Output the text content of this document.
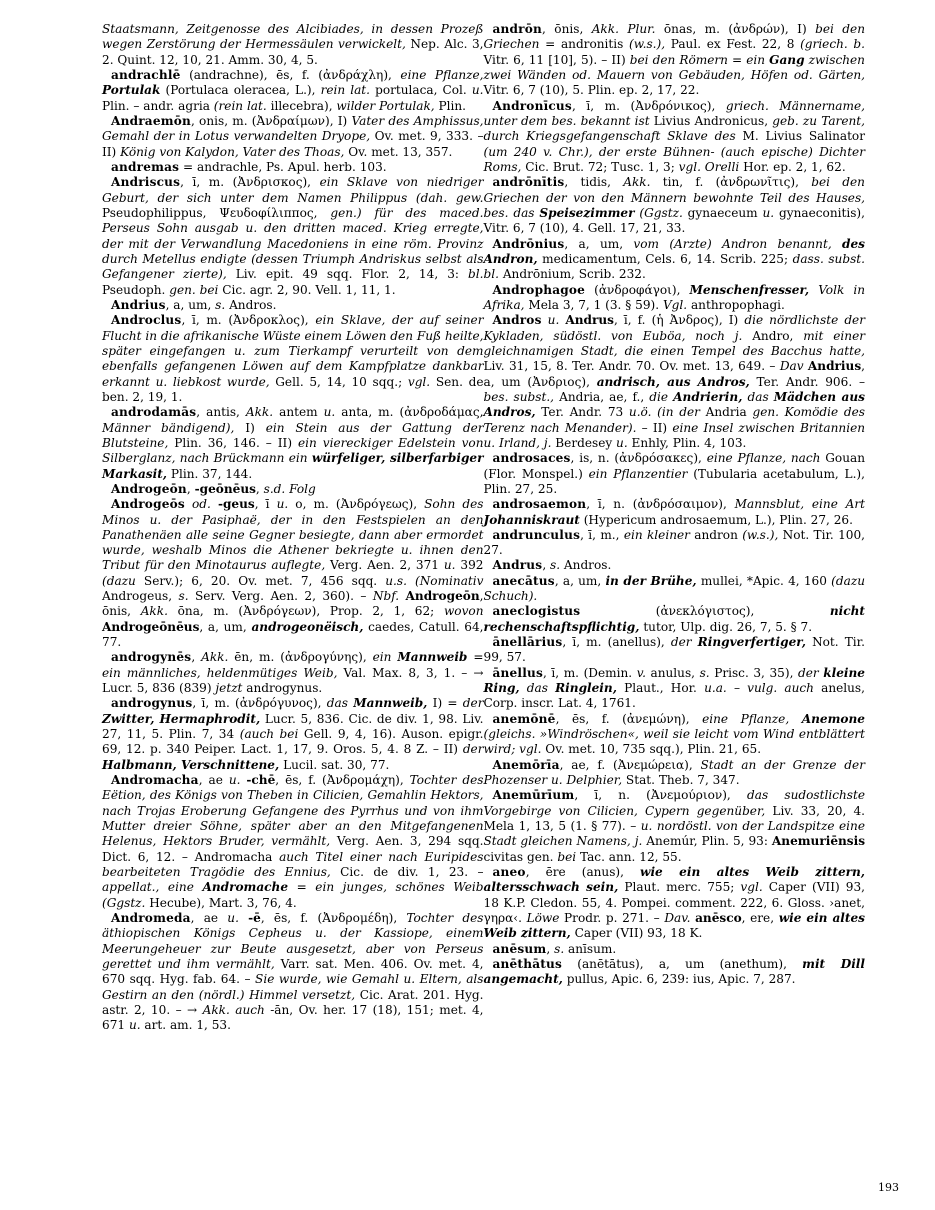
Staatsmann, Zeitgenosse des Alcibiades, in dessen Prozeß wegen Zerstörung der Hermessäulen verwickelt, Nep. Alc. 3, 2. Quint. 12, 10, 21. Amm. 30, 4, 5.

andrachlē (andrachne), ēs, f. (ἀνδράχλη), eine Pflanze, Portulak (Portulaca oleracea, L.), rein lat. portulaca, Col. u. Plin. – andr. agria (rein lat. illecebra), wilder Portulak, Plin.

Andraemōn, onis, m. (Ἀνδραίμων), I) Vater des Amphissus, Gemahl der in Lotus verwandelten Dryope, Ov. met. 9, 333. – II) König von Kalydon, Vater des Thoas, Ov. met. 13, 357.

andremas = andrachle, Ps. Apul. herb. 103.

Andriscus, ī, m. (Ἀνδρισκος), ein Sklave von niedriger Geburt, der sich unter dem Namen Philippus (dah. gew. Pseudophilippus, Ψευδοφίλιππος, gen.) für des maced. Perseus Sohn ausgab u. den dritten maced. Krieg erregte, der mit der Verwandlung Macedoniens in eine röm. Provinz durch Metellus endigte (dessen Triumph Andriskus selbst als Gefangener zierte), Liv. epit. 49 sqq. Flor. 2, 14, 3: bl. Pseudoph. gen. bei Cic. agr. 2, 90. Vell. 1, 11, 1.

Andrius, a, um, s. Andros.

Androclus, ī, m. (Ἀνδροκλος), ein Sklave, der auf seiner Flucht in die afrikanische Wüste einem Löwen den Fuß heilte, später eingefangen u. zum Tierkampf verurteilt von dem ebenfalls gefangenen Löwen auf dem Kampfplatze dankbar erkannt u. liebkost wurde, Gell. 5, 14, 10 sqq.; vgl. Sen. de ben. 2, 19, 1.

androdamās, antis, Akk. antem u. anta, m. (ἀνδροδάμας, Männer bändigend), I) ein Stein aus der Gattung der Blutsteine, Plin. 36, 146. – II) ein viereckiger Edelstein von Silberglanz, nach Brückmann ein würfeliger, silberfarbiger Markasit, Plin. 37, 144.

Androgeōn, -geōnēus, s.d. Folg

Androgeōs od. -geus, ī u. o, m. (Ἀνδρόγεως), Sohn des Minos u. der Pasiphaë, der in den Festspielen an den Panathenäen alle seine Gegner besiegte, dann aber ermordet wurde, weshalb Minos die Athener bekriegte u. ihnen den Tribut für den Minotaurus auflegte, Verg. Aen. 2, 371 u. 392 (dazu Serv.); 6, 20. Ov. met. 7, 456 sqq. u.s. (Nominativ Androgeus, s. Serv. Verg. Aen. 2, 360). – Nbf. Androgeōn, ōnis, Akk. ōna, m. (Ἀνδρόγεων), Prop. 2, 1, 62; wovon Androgeōnēus, a, um, androgeonëisch, caedes, Catull. 64, 77.

androgynēs, Akk. ēn, m. (ἀνδρογύνης), ein Mannweib = ein männliches, heldenmütiges Weib, Val. Max. 8, 3, 1. – → Lucr. 5, 836 (839) jetzt androgynus.

androgynus, ī, m. (ἀνδρόγυνος), das Mannweib, I) = der Zwitter, Hermaphrodit, Lucr. 5, 836. Cic. de div. 1, 98. Liv. 27, 11, 5. Plin. 7, 34 (auch bei Gell. 9, 4, 16). Auson. epigr. 69, 12. p. 340 Peiper. Lact. 1, 17, 9. Oros. 5, 4. 8 Z. – II) der Halbmann, Verschnittene, Lucil. sat. 30, 77.

Andromacha, ae u. -chē, ēs, f. (Ἀνδρομάχη), Tochter des Eëtion, des Königs von Theben in Cilicien, Gemahlin Hektors, nach Trojas Eroberung Gefangene des Pyrrhus und von ihm Mutter dreier Söhne, später aber an den Mitgefangenen Helenus, Hektors Bruder, vermählt, Verg. Aen. 3, 294 sqq. Dict. 6, 12. – Andromacha auch Titel einer nach Euripides bearbeiteten Tragödie des Ennius, Cic. de div. 1, 23. – appellat., eine Andromache = ein junges, schönes Weib (Ggstz. Hecube), Mart. 3, 76, 4.

Andromeda, ae u. -ē, ēs, f. (Ἀνδρομέδη), Tochter des äthiopischen Königs Cepheus u. der Kassiope, einem Meerungeheuer zur Beute ausgesetzt, aber von Perseus gerettet und ihm vermählt, Varr. sat. Men. 406. Ov. met. 4, 670 sqq. Hyg. fab. 64. – Sie wurde, wie Gemahl u. Eltern, als Gestirn an den (nördl.) Himmel versetzt, Cic. Arat. 201. Hyg. astr. 2, 10. – → Akk. auch -ān, Ov. her. 17 (18), 151; met. 4, 671 u. art. am. 1, 53.

andrōn, ōnis, Akk. Plur. ōnas, m. (ἀνδρών), I) bei den Griechen = andronitis (w.s.), Paul. ex Fest. 22, 8 (griech. b. Vitr. 6, 11 [10], 5). – II) bei den Römern = ein Gang zwischen zwei Wänden od. Mauern von Gebäuden, Höfen od. Gärten, Vitr. 6, 7 (10), 5. Plin. ep. 2, 17, 22.

Andronīcus, ī, m. (Ἀνδρόνικος), griech. Männername, unter dem bes. bekannt ist Livius Andronicus, geb. zu Tarent, durch Kriegsgefangenschaft Sklave des M. Livius Salinator (um 240 v. Chr.), der erste Bühnen- (auch epische) Dichter Roms, Cic. Brut. 72; Tusc. 1, 3; vgl. Orelli Hor. ep. 2, 1, 62.

andrōnītis, tidis, Akk. tin, f. (ἀνδρωνῖτις), bei den Griechen der von den Männern bewohnte Teil des Hauses, bes. das Speisezimmer (Ggstz. gynaeceum u. gynaeconitis), Vitr. 6, 7 (10), 4. Gell. 17, 21, 33.

Andrōnius, a, um, vom (Arzte) Andron benannt, des Andron, medicamentum, Cels. 6, 14. Scrib. 225; dass. subst. bl. Andrōnium, Scrib. 232.

Androphagoe (ἀνδροφάγοι), Menschenfresser, Volk in Afrika, Mela 3, 7, 1 (3. § 59). Vgl. anthropophagi.

Andros u. Andrus, ī, f. (ἡ Ἀνδρος), I) die nördlichste der Kykladen, südöstl. von Euböa, noch j. Andro, mit einer gleichnamigen Stadt, die einen Tempel des Bacchus hatte, Liv. 31, 15, 8. Ter. Andr. 70. Ov. met. 13, 649. – Dav Andrius, a, um (Ἀνδριος), andrisch, aus Andros, Ter. Andr. 906. – bes. subst., Andria, ae, f., die Andrierin, das Mädchen aus Andros, Ter. Andr. 73 u.ö. (in der Andria gen. Komödie des Terenz nach Menander). – II) eine Insel zwischen Britannien u. Irland, j. Berdesey u. Enhly, Plin. 4, 103.

androsaces, is, n. (ἀνδρόσακες), eine Pflanze, nach Gouan (Flor. Monspel.) ein Pflanzentier (Tubularia acetabulum, L.), Plin. 27, 25.

androsaemon, ī, n. (ἀνδρόσαιμον), Mannsblut, eine Art Johanniskraut (Hypericum androsaemum, L.), Plin. 27, 26.

andrunculus, ī, m., ein kleiner andron (w.s.), Not. Tir. 100, 27.

Andrus, s. Andros.

anecātus, a, um, in der Brühe, mullei, *Apic. 4, 160 (dazu Schuch).

aneclogistus (ἀνεκλόγιστος), nicht rechenschaftspflichtig, tutor, Ulp. dig. 26, 7, 5. § 7.

ānellārius, ī, m. (anellus), der Ringverfertiger, Not. Tir. 99, 57.

ānellus, ī, m. (Demin. v. anulus, s. Prisc. 3, 35), der kleine Ring, das Ringlein, Plaut., Hor. u.a. – vulg. auch anelus, Corp. inscr. Lat. 4, 1761.

anemōnē, ēs, f. (ἀνεμώνη), eine Pflanze, Anemone (gleichs. »Windröschen«, weil sie leicht vom Wind entblättert wird; vgl. Ov. met. 10, 735 sqq.), Plin. 21, 65.

Anemōrīa, ae, f. (Ἀνεμώρεια), Stadt an der Grenze der Phozenser u. Delphier, Stat. Theb. 7, 347.

Anemūrīum, ī, n. (Ἀνεμούριον), das sudostlichste Vorgebirge von Cilicien, Cypern gegenüber, Liv. 33, 20, 4. Mela 1, 13, 5 (1. § 77). – u. nordöstl. von der Landspitze eine Stadt gleichen Namens, j. Anemúr, Plin. 5, 93: Anemuriēnsis civitas gen. bei Tac. ann. 12, 55.

aneo, ēre (anus), wie ein altes Weib zittern, altersschwach sein, Plaut. merc. 755; vgl. Caper (VII) 93, 18 K.P. Cledon. 55, 4. Pompei. comment. 222, 6. Gloss. ›anet, γηρα‹. Löwe Prodr. p. 271. – Dav. anēsco, ere, wie ein altes Weib zittern, Caper (VII) 93, 18 K.

anēsum, s. anīsum.

anēthātus (anētātus), a, um (anethum), mit Dill angemacht, pullus, Apic. 6, 239: ius, Apic. 7, 287.

193
